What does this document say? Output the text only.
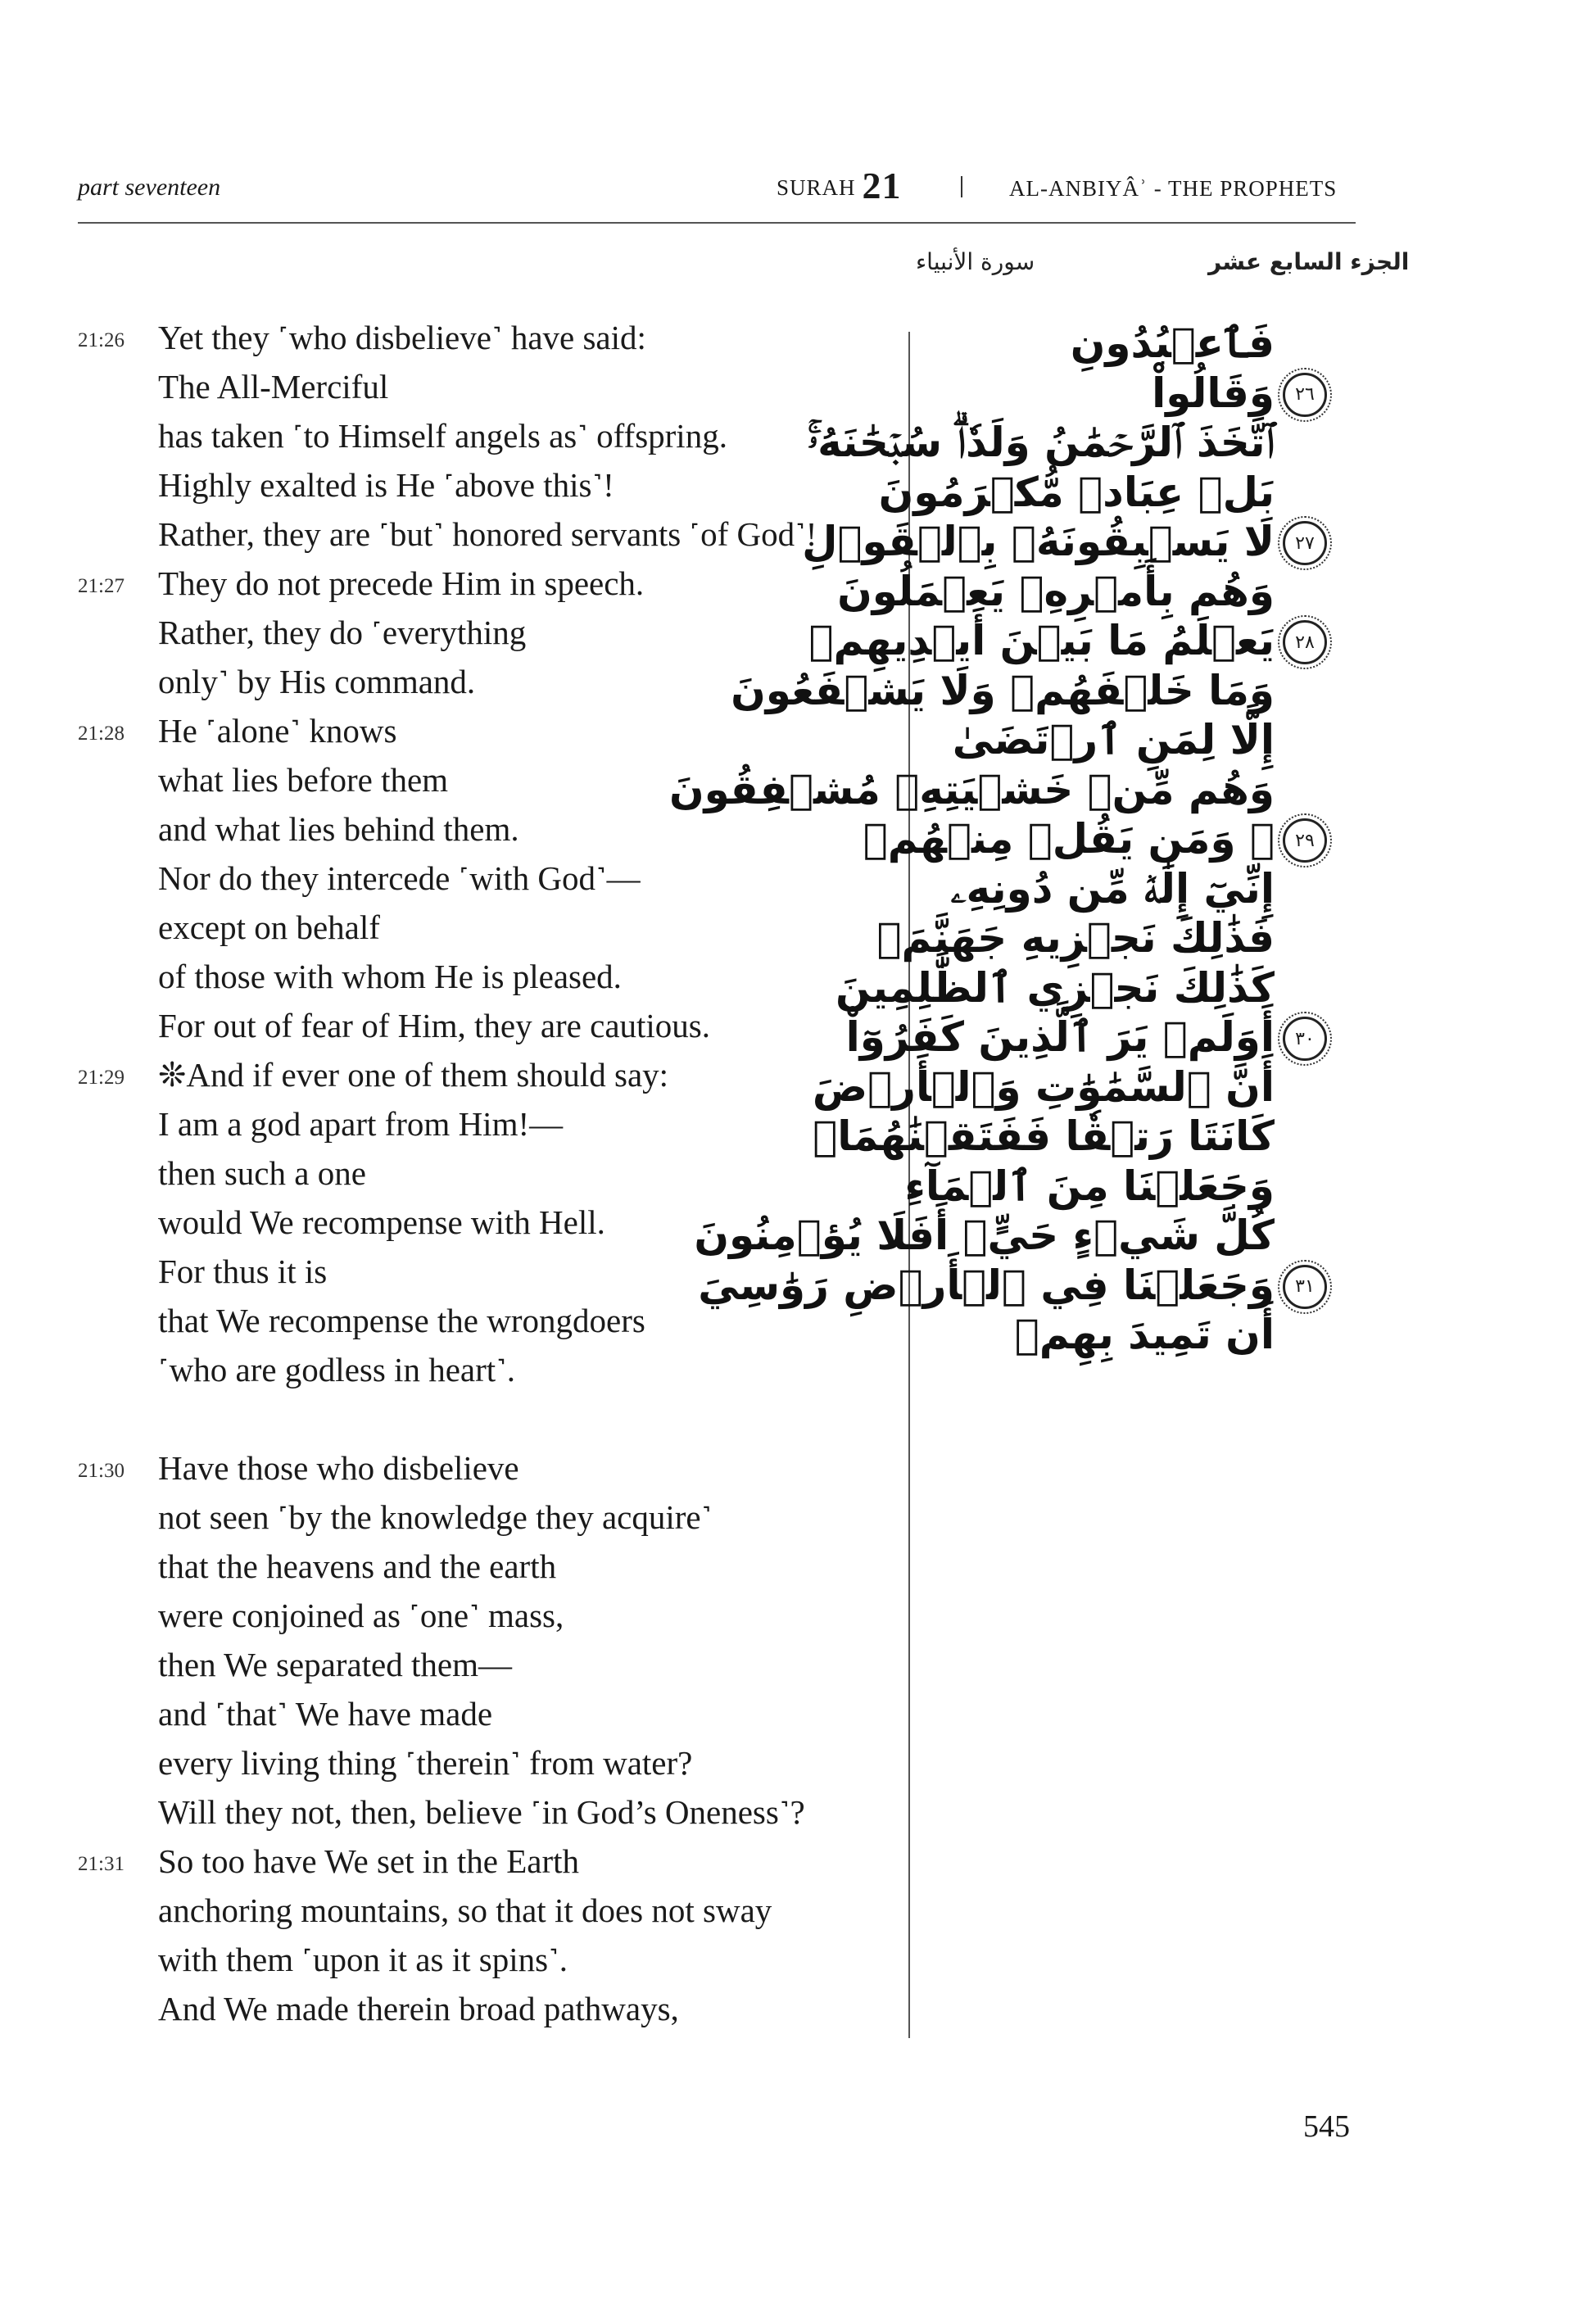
part seventeen	SURAH 21	AL-ANBIYÂʾ - THE PROPHETS
سورة الأنبياء	الجزء السابع عشر
21:26 Yet they ˹who disbelieve˺ have said:
The All-Merciful
has taken ˹to Himself angels as˺ offspring.
Highly exalted is He ˹above this˺!
Rather, they are ˹but˺ honored servants ˹of God˺!
21:27 They do not precede Him in speech.
Rather, they do ˹everything
only˺ by His command.
21:28 He ˹alone˺ knows
what lies before them
and what lies behind them.
Nor do they intercede ˹with God˺—
except on behalf
of those with whom He is pleased.
For out of fear of Him, they are cautious.
21:29 ❊And if ever one of them should say:
I am a god apart from Him!—
then such a one
would We recompense with Hell.
For thus it is
that We recompense the wrongdoers
˹who are godless in heart˺.
21:30 Have those who disbelieve
not seen ˹by the knowledge they acquire˺
that the heavens and the earth
were conjoined as ˹one˺ mass,
then We separated them—
and ˹that˺ We have made
every living thing ˹therein˺ from water?
Will they not, then, believe ˹in God’s Oneness˺?
21:31 So too have We set in the Earth
anchoring mountains, so that it does not sway
with them ˹upon it as it spins˺.
And We made therein broad pathways,
فَٱعۡبُدُونِ
وَقَالُواْ	٢٦
ٱتَّخَذَ ٱلرَّحۡمَٰنُ وَلَدٗاۗ سُبۡحَٰنَهُۥۚ
بَلۡ عِبَادٞ مُّكۡرَمُونَ
لَا يَسۡبِقُونَهُۥ بِٱلۡقَوۡلِ	٢٧
وَهُم بِأَمۡرِهِۦ يَعۡمَلُونَ
يَعۡلَمُ مَا بَيۡنَ أَيۡدِيهِمۡ	٢٨
وَمَا خَلۡفَهُمۡ وَلَا يَشۡفَعُونَ
إِلَّا لِمَنِ ٱرۡتَضَىٰ
وَهُم مِّنۡ خَشۡيَتِهِۦ مُشۡفِقُونَ
۞ وَمَن يَقُلۡ مِنۡهُمۡ	٢٩
إِنِّيٓ إِلَٰهٞ مِّن دُونِهِۦ
فَذَٰلِكَ نَجۡزِيهِ جَهَنَّمَۚ
كَذَٰلِكَ نَجۡزِي ٱلظَّٰلِمِينَ
أَوَلَمۡ يَرَ ٱلَّذِينَ كَفَرُوٓاْ	٣٠
أَنَّ ٱلسَّمَٰوَٰتِ وَٱلۡأَرۡضَ
كَانَتَا رَتۡقٗا فَفَتَقۡنَٰهُمَاۖ
وَجَعَلۡنَا مِنَ ٱلۡمَآءِ
كُلَّ شَيۡءٍ حَيٍّۚ أَفَلَا يُؤۡمِنُونَ
وَجَعَلۡنَا فِي ٱلۡأَرۡضِ رَوَٰسِيَ	٣١
أَن تَمِيدَ بِهِمۡ
545
